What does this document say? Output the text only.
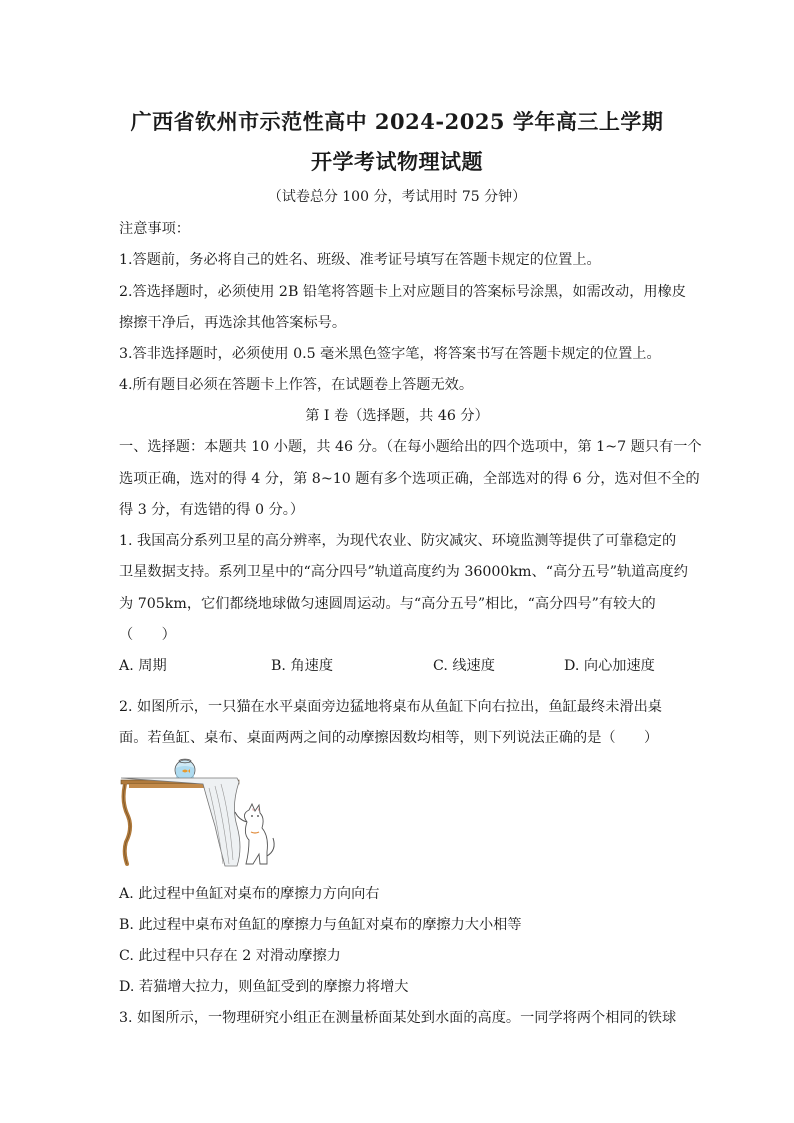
广西省钦州市示范性高中 2024-2025 学年高三上学期
开学考试物理试题
（试卷总分 100 分，考试用时 75 分钟）
注意事项：
1.答题前，务必将自己的姓名、班级、准考证号填写在答题卡规定的位置上。
2.答选择题时，必须使用 2B 铅笔将答题卡上对应题目的答案标号涂黑，如需改动，用橡皮
擦擦干净后，再选涂其他答案标号。
3.答非选择题时，必须使用 0.5 毫米黑色签字笔，将答案书写在答题卡规定的位置上。
4.所有题目必须在答题卡上作答，在试题卷上答题无效。
第 I 卷（选择题，共 46 分）
一、选择题：本题共 10 小题，共 46 分。（在每小题给出的四个选项中，第 1~7 题只有一个
选项正确，选对的得 4 分，第 8~10 题有多个选项正确，全部选对的得 6 分，选对但不全的
得 3 分，有选错的得 0 分。）
1. 我国高分系列卫星的高分辨率，为现代农业、防灾减灾、环境监测等提供了可靠稳定的
卫星数据支持。系列卫星中的“高分四号”轨道高度约为 36000km、“高分五号”轨道高度约
为 705km，它们都绕地球做匀速圆周运动。与“高分五号”相比，“高分四号”有较大的
（　　）
A. 周期	B. 角速度	C. 线速度	D. 向心加速度
2. 如图所示，一只猫在水平桌面旁边猛地将桌布从鱼缸下向右拉出，鱼缸最终未滑出桌
面。若鱼缸、桌布、桌面两两之间的动摩擦因数均相等，则下列说法正确的是（　　）
A. 此过程中鱼缸对桌布的摩擦力方向向右
B. 此过程中桌布对鱼缸的摩擦力与鱼缸对桌布的摩擦力大小相等
C. 此过程中只存在 2 对滑动摩擦力
D. 若猫增大拉力，则鱼缸受到的摩擦力将增大
3. 如图所示，一物理研究小组正在测量桥面某处到水面的高度。一同学将两个相同的铁球
